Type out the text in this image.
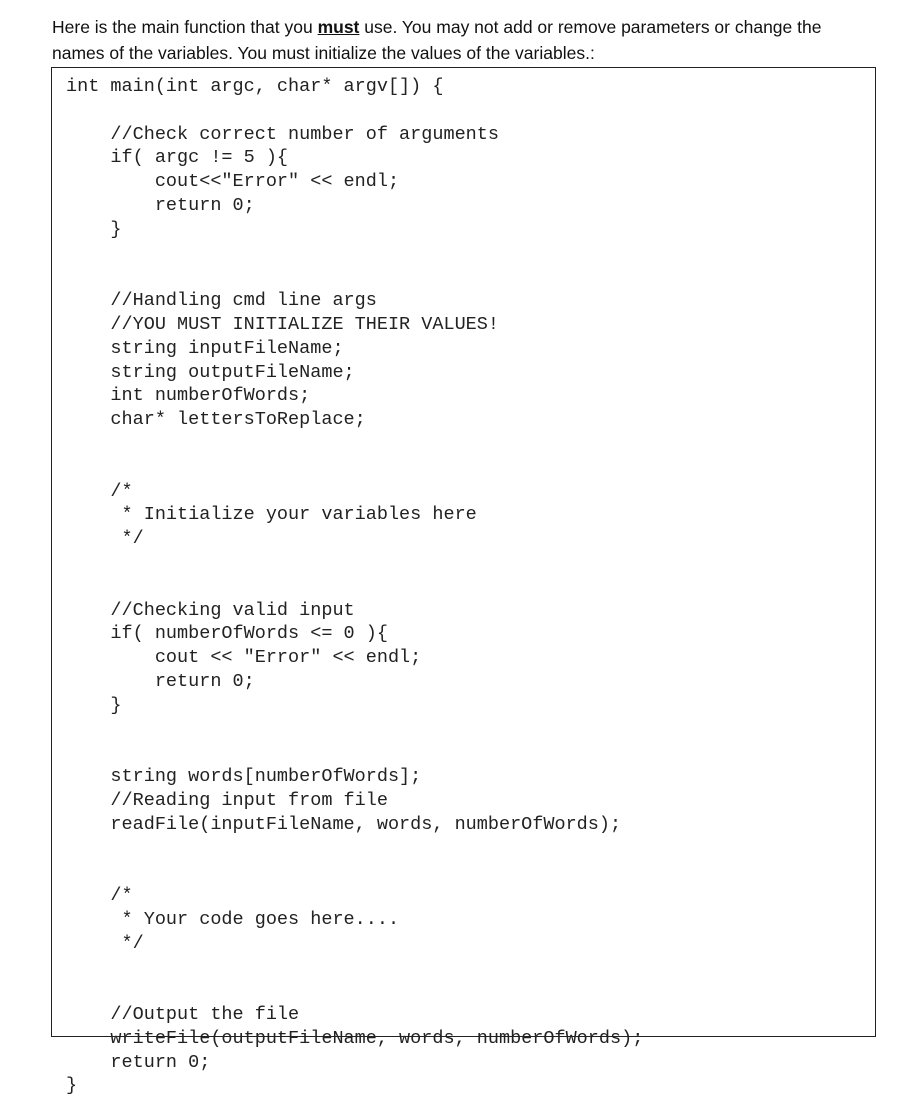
Here is the main function that you must use. You may not add or remove parameters or change the
names of the variables. You must initialize the values of the variables.:
int main(int argc, char* argv[]) {
//Check correct number of arguments
if( argc != 5 ){
cout<<"Error" << endl;
return 0;
}
//Handling cmd line args
//YOU MUST INITIALIZE THEIR VALUES!
string inputFileName;
string outputFileName;
int numberOfWords;
char* lettersToReplace;
/*
* Initialize your variables here
*/
//Checking valid input
if( numberOfWords <= 0 ){
cout << "Error" << endl;
return 0;
}
string words[numberOfWords];
//Reading input from file
readFile(inputFileName, words, numberOfWords);
/*
* Your code goes here....
*/
//Output the file
writeFile(outputFileName, words, numberOfWords);
return 0;
}
